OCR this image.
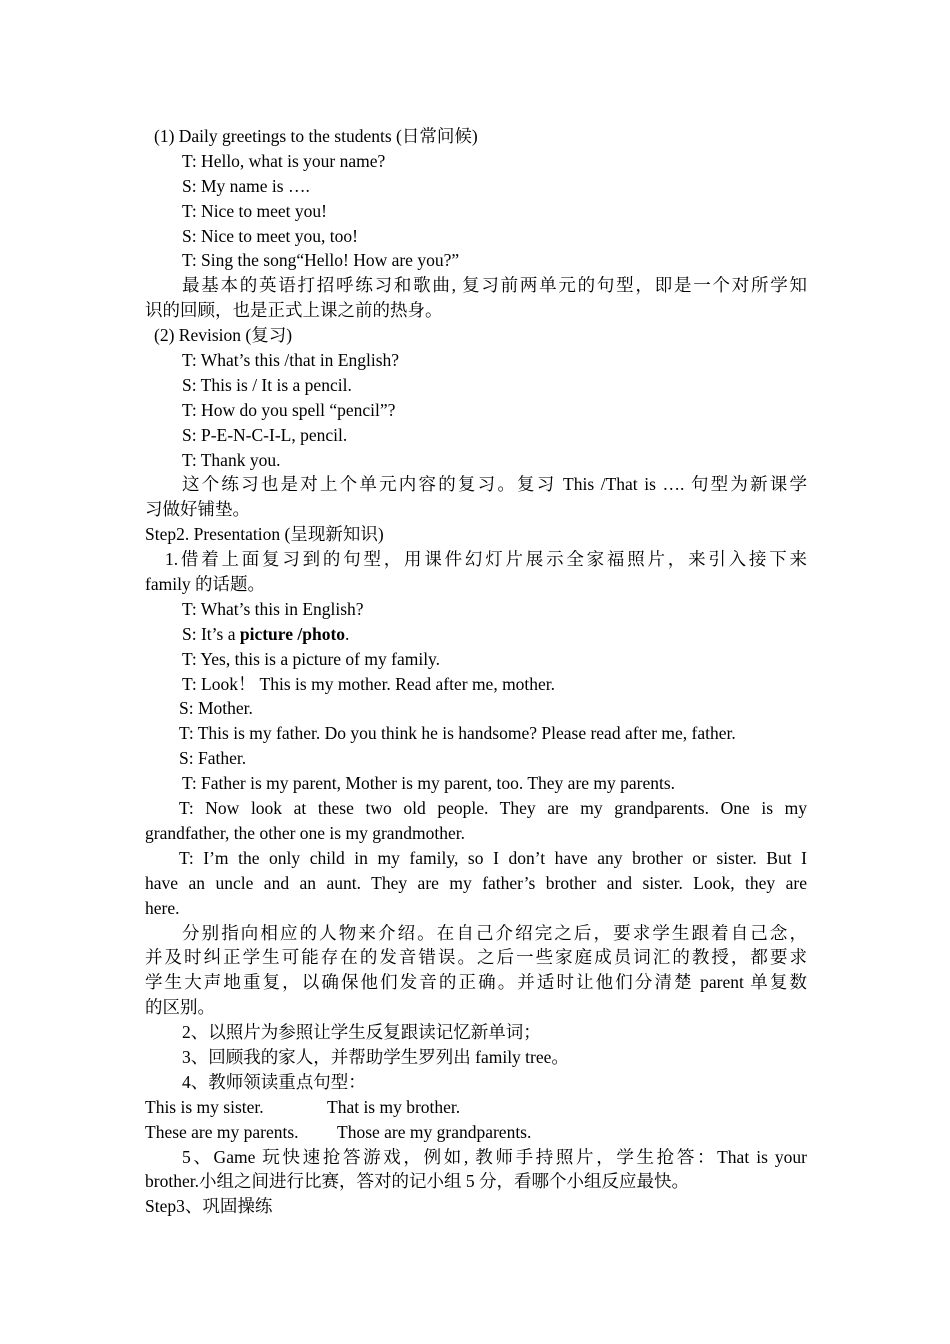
(1) Daily greetings to the students (日常问候)
T: Hello, what is your name?
S: My name is ….
T: Nice to meet you!
S: Nice to meet you, too!
T: Sing the song“Hello! How are you?”
最基本的英语打招呼练习和歌曲, 复习前两单元的句型，即是一个对所学知
识的回顾，也是正式上课之前的热身。
(2) Revision (复习)
T: What’s this /that in English?
S: This is / It is a pencil.
T: How do you spell “pencil”?
S: P-E-N-C-I-L, pencil.
T: Thank you.
这个练习也是对上个单元内容的复习。复习 This /That is …. 句型为新课学
习做好铺垫。
Step2. Presentation (呈现新知识)
1.借着上面复习到的句型，用课件幻灯片展示全家福照片，来引入接下来
family 的话题。
T: What’s this in English?
S: It’s a picture /photo.
T: Yes, this is a picture of my family.
T: Look！ This is my mother. Read after me, mother.
S: Mother.
T: This is my father. Do you think he is handsome? Please read after me, father.
S: Father.
T: Father is my parent, Mother is my parent, too. They are my parents.
T: Now look at these two old people. They are my grandparents. One is my
grandfather, the other one is my grandmother.
T: I’m the only child in my family, so I don’t have any brother or sister. But I
have an uncle and an aunt. They are my father’s brother and sister. Look, they are
here.
分别指向相应的人物来介绍。在自己介绍完之后，要求学生跟着自己念，
并及时纠正学生可能存在的发音错误。之后一些家庭成员词汇的教授，都要求
学生大声地重复，以确保他们发音的正确。并适时让他们分清楚 parent 单复数
的区别。
2、以照片为参照让学生反复跟读记忆新单词；
3、回顾我的家人，并帮助学生罗列出 family tree。
4、教师领读重点句型：
This is my sister.	That is my brother.
These are my parents. Those are my grandparents.
5、Game 玩快速抢答游戏，例如, 教师手持照片，学生抢答：That is your
brother.小组之间进行比赛，答对的记小组 5 分，看哪个小组反应最快。
Step3、巩固操练
